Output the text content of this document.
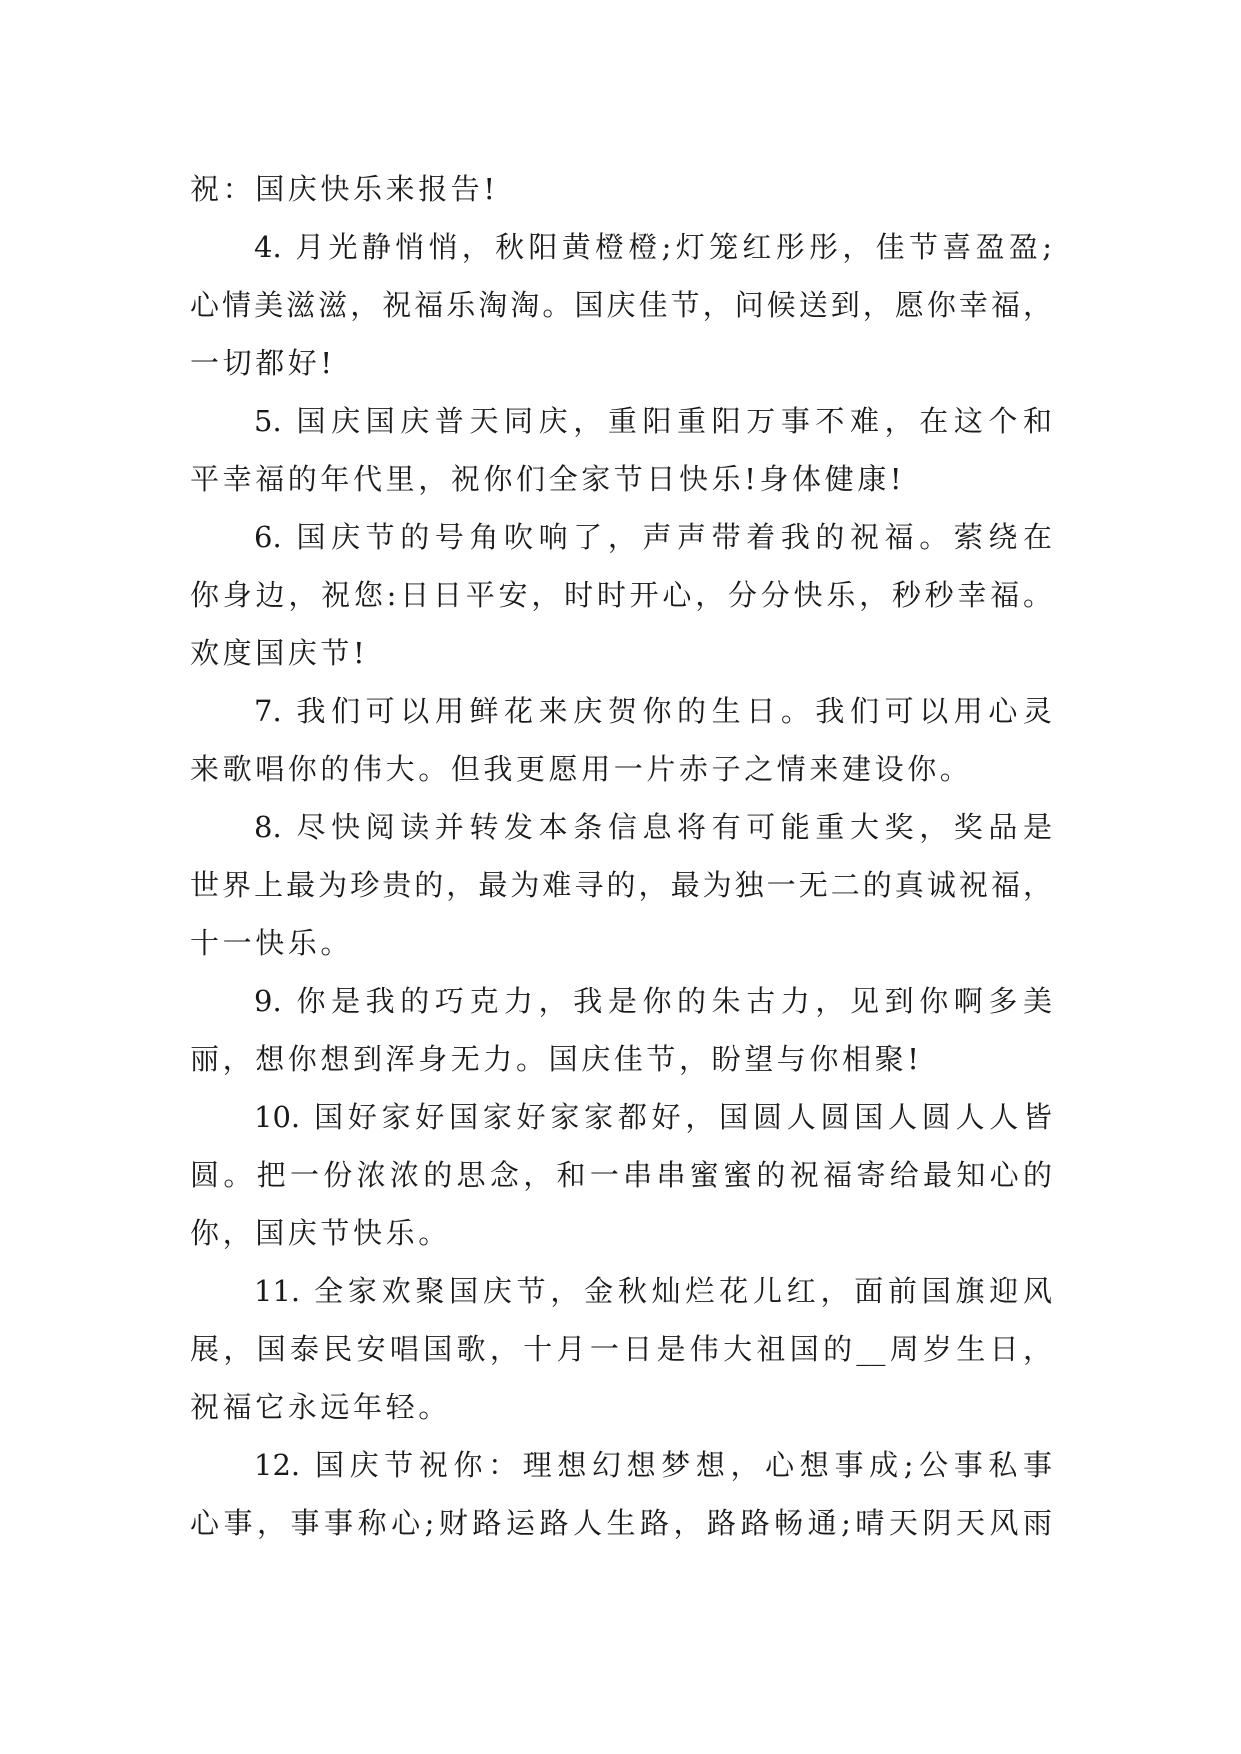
祝：国庆快乐来报告!
4. 月光静悄悄，秋阳黄橙橙;灯笼红彤彤，佳节喜盈盈;
心情美滋滋，祝福乐淘淘。国庆佳节，问候送到，愿你幸福，
一切都好!
5. 国庆国庆普天同庆，重阳重阳万事不难，在这个和
平幸福的年代里，祝你们全家节日快乐!身体健康!
6. 国庆节的号角吹响了，声声带着我的祝福。萦绕在
你身边，祝您:日日平安，时时开心，分分快乐，秒秒幸福。
欢度国庆节!
7. 我们可以用鲜花来庆贺你的生日。我们可以用心灵
来歌唱你的伟大。但我更愿用一片赤子之情来建设你。
8. 尽快阅读并转发本条信息将有可能重大奖，奖品是
世界上最为珍贵的，最为难寻的，最为独一无二的真诚祝福，
十一快乐。
9. 你是我的巧克力，我是你的朱古力，见到你啊多美
丽，想你想到浑身无力。国庆佳节，盼望与你相聚!
10. 国好家好国家好家家都好，国圆人圆国人圆人人皆
圆。把一份浓浓的思念，和一串串蜜蜜的祝福寄给最知心的
你，国庆节快乐。
11. 全家欢聚国庆节，金秋灿烂花儿红，面前国旗迎风
展，国泰民安唱国歌，十月一日是伟大祖国的__周岁生日，
祝福它永远年轻。
12. 国庆节祝你：理想幻想梦想，心想事成;公事私事
心事，事事称心;财路运路人生路，路路畅通;晴天阴天风雨
